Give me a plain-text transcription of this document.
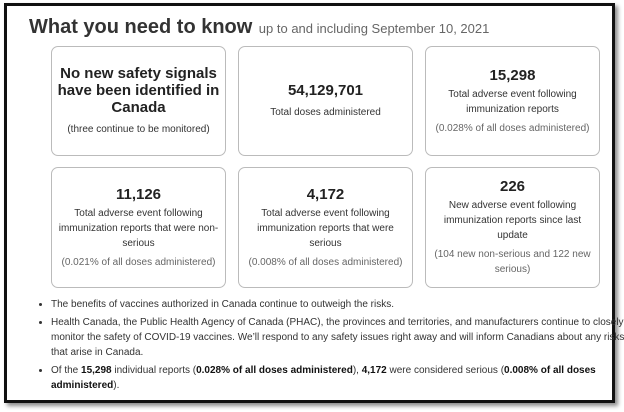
What you need to know up to and including September 10, 2021
No new safety signals have been identified in Canada
(three continue to be monitored)
54,129,701
Total doses administered
15,298
Total adverse event following immunization reports
(0.028% of all doses administered)
11,126
Total adverse event following immunization reports that were non-serious
(0.021% of all doses administered)
4,172
Total adverse event following immunization reports that were serious
(0.008% of all doses administered)
226
New adverse event following immunization reports since last update
(104 new non-serious and 122 new serious)
• The benefits of vaccines authorized in Canada continue to outweigh the risks.
• Health Canada, the Public Health Agency of Canada (PHAC), the provinces and territories, and manufacturers continue to closely monitor the safety of COVID-19 vaccines. We’ll respond to any safety issues right away and will inform Canadians about any risks that arise in Canada.
• Of the 15,298 individual reports (0.028% of all doses administered), 4,172 were considered serious (0.008% of all doses administered).
